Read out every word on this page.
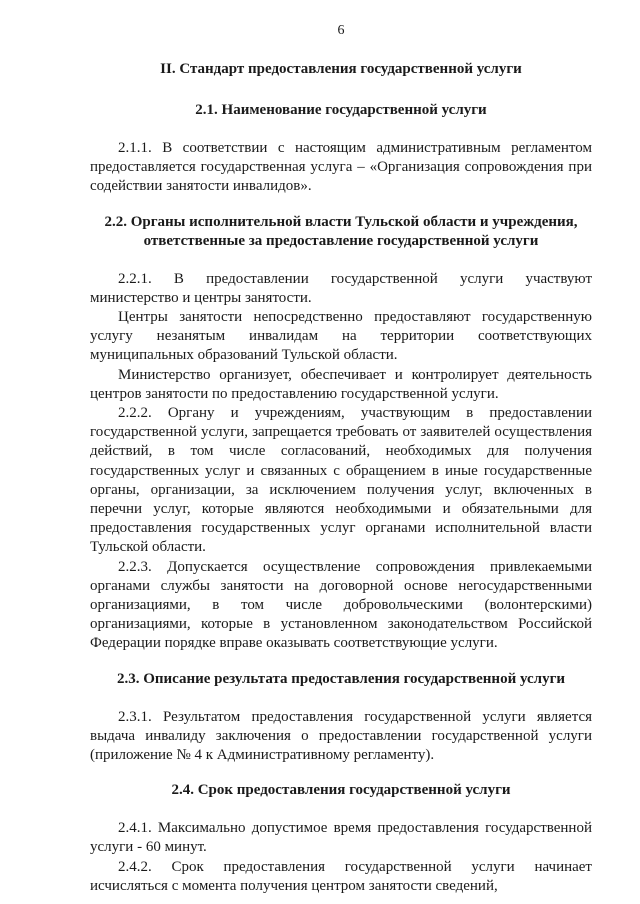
6
II. Стандарт предоставления государственной услуги
2.1. Наименование государственной услуги

2.1.1. В соответствии с настоящим административным регламентом предоставляется государственная услуга – «Организация сопровождения при содействии занятости инвалидов».

2.2. Органы исполнительной власти Тульской области и учреждения, ответственные за предоставление государственной услуги

2.2.1. В предоставлении государственной услуги участвуют министерство и центры занятости.

Центры занятости непосредственно предоставляют государственную услугу незанятым инвалидам на территории соответствующих муниципальных образований Тульской области.

Министерство организует, обеспечивает и контролирует деятельность центров занятости по предоставлению государственной услуги.

2.2.2. Органу и учреждениям, участвующим в предоставлении государственной услуги, запрещается требовать от заявителей осуществления действий, в том числе согласований, необходимых для получения государственных услуг и связанных с обращением в иные государственные органы, организации, за исключением получения услуг, включенных в перечни услуг, которые являются необходимыми и обязательными для предоставления государственных услуг органами исполнительной власти Тульской области.

2.2.3. Допускается осуществление сопровождения привлекаемыми органами службы занятости на договорной основе негосударственными организациями, в том числе добровольческими (волонтерскими) организациями, которые в установленном законодательством Российской Федерации порядке вправе оказывать соответствующие услуги.

2.3. Описание результата предоставления государственной услуги

2.3.1. Результатом предоставления государственной услуги является выдача инвалиду заключения о предоставлении государственной услуги (приложение № 4 к Административному регламенту).

2.4. Срок предоставления государственной услуги

2.4.1. Максимально допустимое время предоставления государственной услуги - 60 минут.

2.4.2. Срок предоставления государственной услуги начинает исчисляться с момента получения центром занятости сведений,
